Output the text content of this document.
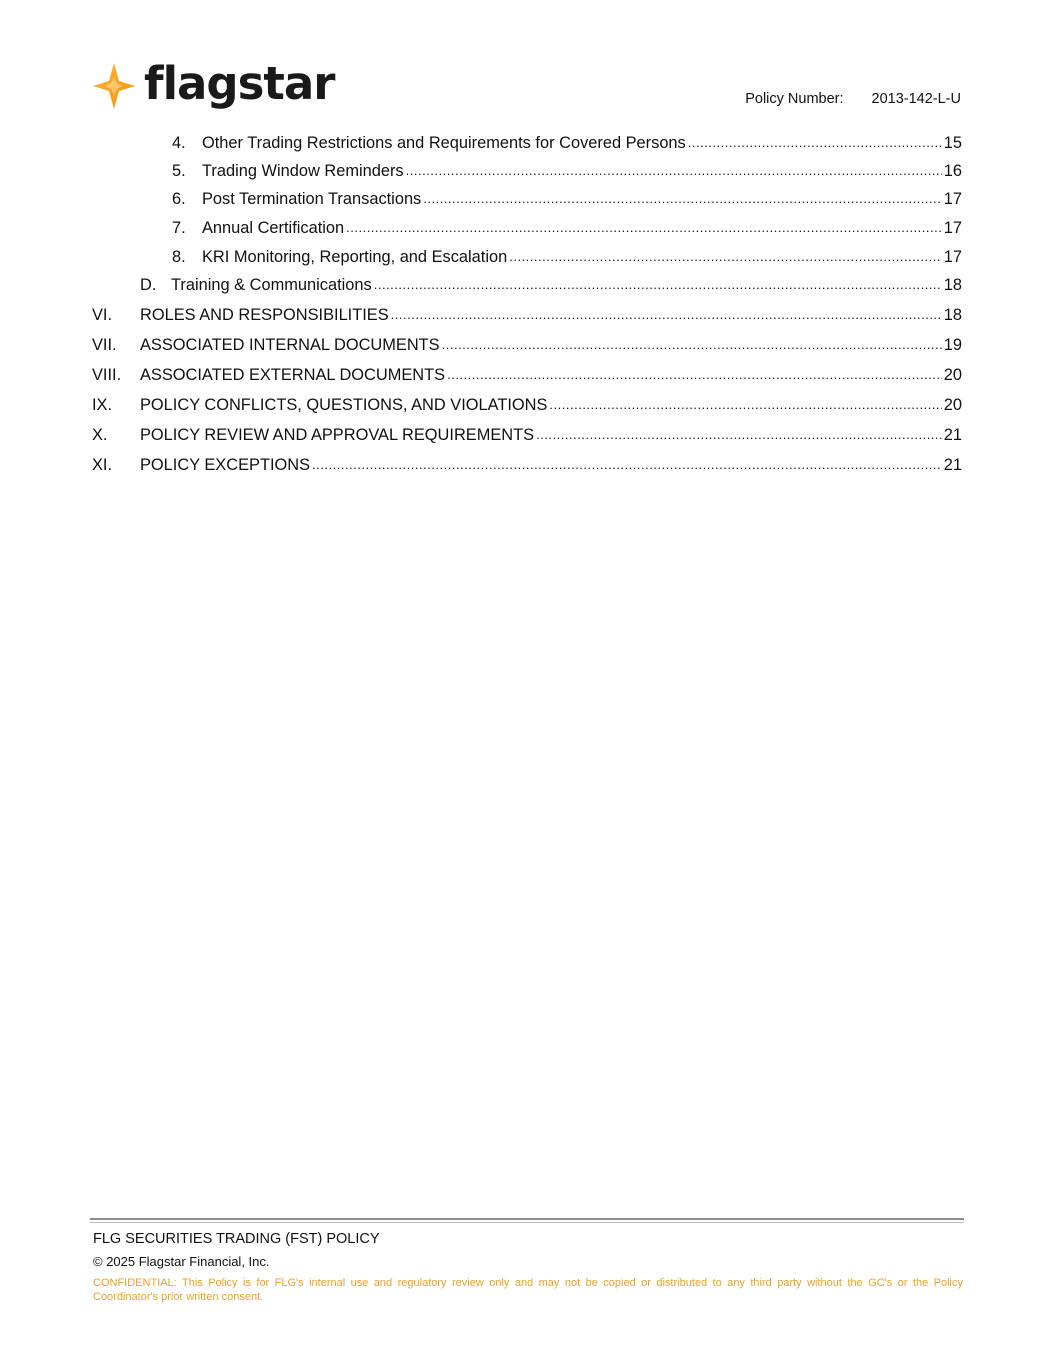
flagstar	Policy Number: 2013-142-L-U
4. Other Trading Restrictions and Requirements for Covered Persons .....	15
5. Trading Window Reminders .....	16
6. Post Termination Transactions .....	17
7. Annual Certification .....	17
8. KRI Monitoring, Reporting, and Escalation .....	17
D. Training & Communications .....	18
VI.	ROLES AND RESPONSIBILITIES .....	18
VII.	ASSOCIATED INTERNAL DOCUMENTS .....	19
VIII.	ASSOCIATED EXTERNAL DOCUMENTS .....	20
IX.	POLICY CONFLICTS, QUESTIONS, AND VIOLATIONS .....	20
X.	POLICY REVIEW AND APPROVAL REQUIREMENTS .....	21
XI.	POLICY EXCEPTIONS .....	21
FLG SECURITIES TRADING (FST) POLICY
© 2025 Flagstar Financial, Inc.
CONFIDENTIAL: This Policy is for FLG's internal use and regulatory review only and may not be copied or distributed to any third party without the GC's or the Policy Coordinator's prior written consent.
